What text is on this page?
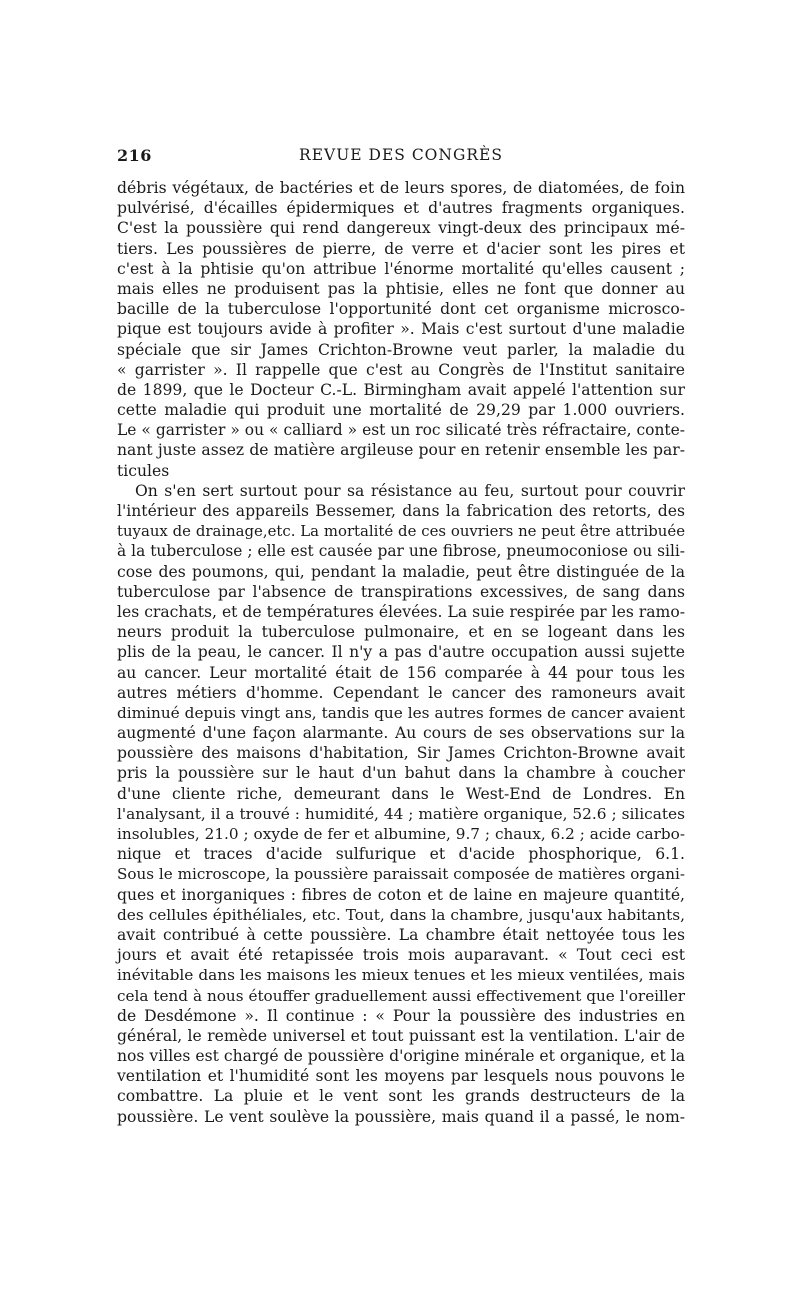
216	REVUE DES CONGRÈS
débris végétaux, de bactéries et de leurs spores, de diatomées, de foin
pulvérisé, d'écailles épidermiques et d'autres fragments organiques.
C'est la poussière qui rend dangereux vingt-deux des principaux mé-
tiers. Les poussières de pierre, de verre et d'acier sont les pires et
c'est à la phtisie qu'on attribue l'énorme mortalité qu'elles causent ;
mais elles ne produisent pas la phtisie, elles ne font que donner au
bacille de la tuberculose l'opportunité dont cet organisme microsco-
pique est toujours avide à profiter ». Mais c'est surtout d'une maladie
spéciale que sir James Crichton-Browne veut parler, la maladie du
« garrister ». Il rappelle que c'est au Congrès de l'Institut sanitaire
de 1899, que le Docteur C.-L. Birmingham avait appelé l'attention sur
cette maladie qui produit une mortalité de 29,29 par 1.000 ouvriers.
Le « garrister » ou « calliard » est un roc silicaté très réfractaire, conte-
nant juste assez de matière argileuse pour en retenir ensemble les par-
ticules
On s'en sert surtout pour sa résistance au feu, surtout pour couvrir
l'intérieur des appareils Bessemer, dans la fabrication des retorts, des
tuyaux de drainage,etc. La mortalité de ces ouvriers ne peut être attribuée
à la tuberculose ; elle est causée par une fibrose, pneumoconiose ou sili-
cose des poumons, qui, pendant la maladie, peut être distinguée de la
tuberculose par l'absence de transpirations excessives, de sang dans
les crachats, et de températures élevées. La suie respirée par les ramo-
neurs produit la tuberculose pulmonaire, et en se logeant dans les
plis de la peau, le cancer. Il n'y a pas d'autre occupation aussi sujette
au cancer. Leur mortalité était de 156 comparée à 44 pour tous les
autres métiers d'homme. Cependant le cancer des ramoneurs avait
diminué depuis vingt ans, tandis que les autres formes de cancer avaient
augmenté d'une façon alarmante. Au cours de ses observations sur la
poussière des maisons d'habitation, Sir James Crichton-Browne avait
pris la poussière sur le haut d'un bahut dans la chambre à coucher
d'une cliente riche, demeurant dans le West-End de Londres. En
l'analysant, il a trouvé : humidité, 44 ; matière organique, 52.6 ; silicates
insolubles, 21.0 ; oxyde de fer et albumine, 9.7 ; chaux, 6.2 ; acide carbo-
nique et traces d'acide sulfurique et d'acide phosphorique, 6.1.
Sous le microscope, la poussière paraissait composée de matières organi-
ques et inorganiques : fibres de coton et de laine en majeure quantité,
des cellules épithéliales, etc. Tout, dans la chambre, jusqu'aux habitants,
avait contribué à cette poussière. La chambre était nettoyée tous les
jours et avait été retapissée trois mois auparavant. « Tout ceci est
inévitable dans les maisons les mieux tenues et les mieux ventilées, mais
cela tend à nous étouffer graduellement aussi effectivement que l'oreiller
de Desdémone ». Il continue : « Pour la poussière des industries en
général, le remède universel et tout puissant est la ventilation. L'air de
nos villes est chargé de poussière d'origine minérale et organique, et la
ventilation et l'humidité sont les moyens par lesquels nous pouvons le
combattre. La pluie et le vent sont les grands destructeurs de la
poussière. Le vent soulève la poussière, mais quand il a passé, le nom-
